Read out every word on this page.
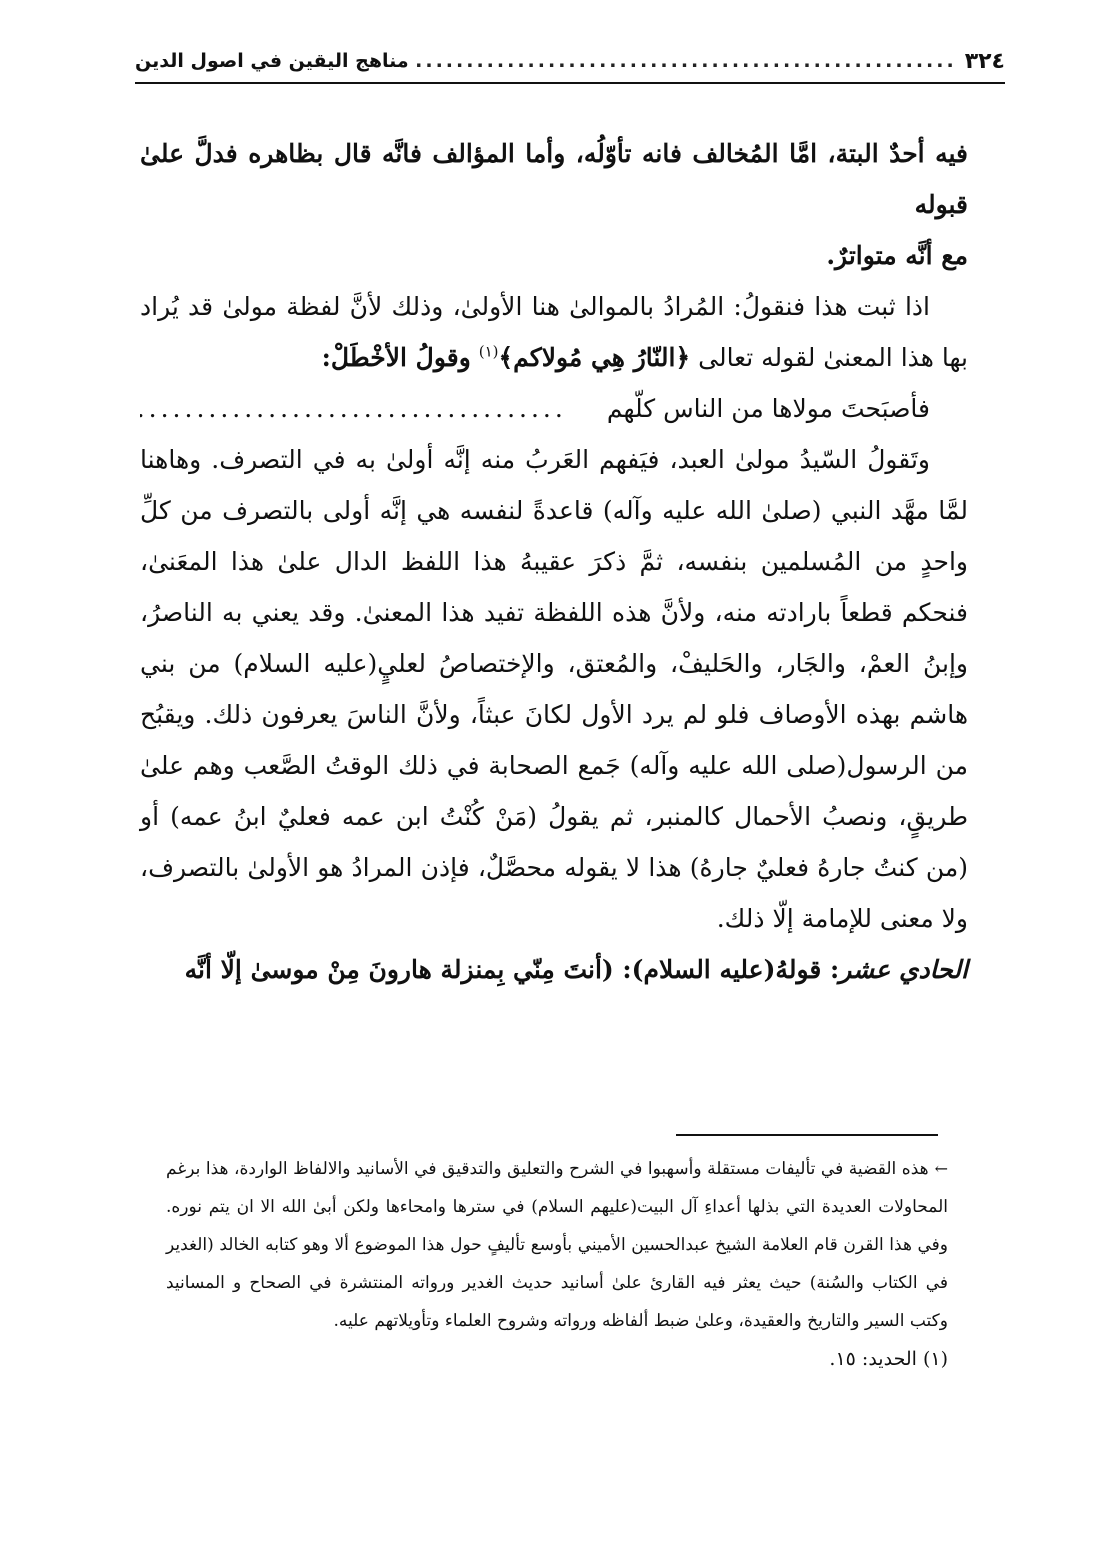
٣٢٤
.....
مناهج اليقين في اصول الدين

فيه أحدٌ البتة، امَّا المُخالف فانه تأوّلُه، وأما المؤالف فانَّه قال بظاهره فدلَّ علىٰ قبوله
مع أنَّه متواترٌ.

اذا ثبت هذا فنقولُ: المُرادُ بالموالىٰ هنا الأولىٰ، وذلك لأنَّ لفظة مولىٰ قد يُراد بها هذا المعنىٰ لقوله تعالى ﴿النّارُ هِي مُولاكم﴾$^{(١)}$ وقولُ الأخْطَلْ:

فأصبَحتَ مولاها من الناس كلّهم
.....

وتَقولُ السّيدُ مولىٰ العبد، فيَفهم العَربُ منه إنَّه أولىٰ به في التصرف. وهاهنا لمَّا مهَّد النبي (صلىٰ الله عليه وآله) قاعدةً لنفسه هي إنَّه أولى بالتصرف من كلِّ واحدٍ من المُسلمين بنفسه، ثمَّ ذكرَ عقيبهُ هذا اللفظ الدال علىٰ هذا المعَنىٰ، فنحكم قطعاً بارادته منه، ولأنَّ هذه اللفظة تفيد هذا المعنىٰ. وقد يعني به الناصرُ، وإبنُ العمْ، والجَار، والحَليفْ، والمُعتق، والإختصاصُ لعليٍ(عليه السلام) من بني هاشم بهذه الأوصاف فلو لم يرد الأول لكانَ عبثاً، ولأنَّ الناسَ يعرفون ذلك. ويقبُح من الرسول(صلى الله عليه وآله) جَمع الصحابة في ذلك الوقتُ الصَّعب وهم علىٰ طريقٍ، ونصبُ الأحمال كالمنبر، ثم يقولُ (مَنْ كُنْتُ ابن عمه فعليٌ ابنُ عمه) أو (من كنتُ جارهُ فعليٌ جارهُ) هذا لا يقوله محصَّلٌ، فإذن المرادُ هو الأولىٰ بالتصرف، ولا معنى للإمامة إلّا ذلك.

الحادي عشر: قولهُ(عليه السلام): (أنتَ مِنّي بِمنزلة هارونَ مِنْ موسىٰ إلّا أنَّه

←هذه القضية في تأليفات مستقلة وأسهبوا في الشرح والتعليق والتدقيق في الأسانيد والالفاظ الواردة، هذا برغم المحاولات العديدة التي بذلها أعداءِ آل البيت(عليهم السلام) في سترها وامحاءها ولكن أبىٰ الله الا ان يتم نوره. وفي هذا القرن قام العلامة الشيخ عبدالحسين الأميني بأوسع تأليفٍ حول هذا الموضوع ألا وهو كتابه الخالد (الغدير في الكتاب والسُنة) حيث يعثر فيه القارئ علىٰ أسانيد حديث الغدير ورواته المنتشرة في الصحاح و المسانيد وكتب السير والتاريخ والعقيدة، وعلىٰ ضبط ألفاظه ورواته وشروح العلماء وتأويلاتهم عليه.

(١) الحديد: ١٥.
